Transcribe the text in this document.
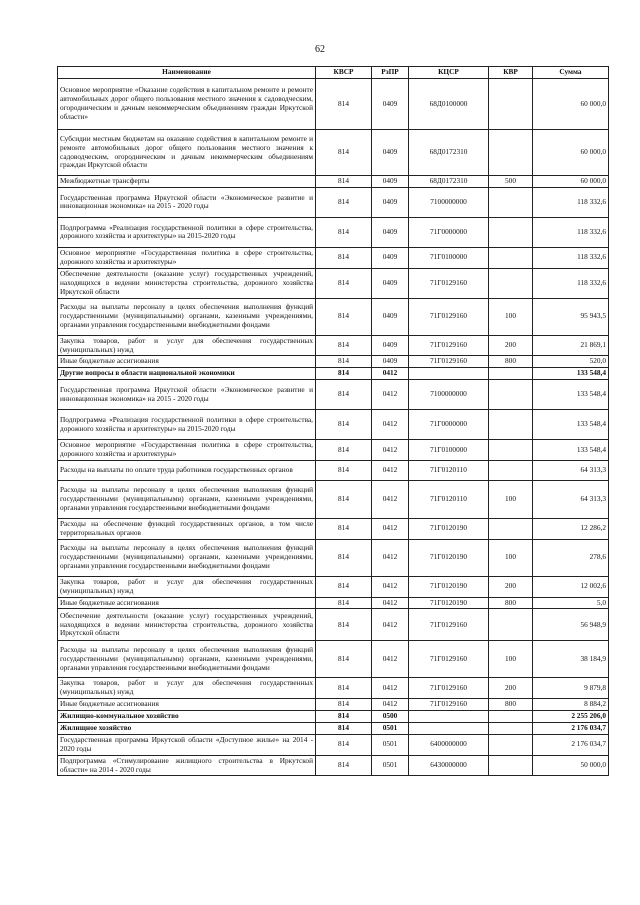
62
Наименование	КВСР	РзПР	КЦСР	КВР	Сумма
Основное мероприятие «Оказание содействия в капитальном ремонте и ремонте автомобильных дорог общего пользования местного значения к садоводческим, огородническим и дачным некоммерческим объединениям граждан Иркутской области»	814	0409	68Д0100000		60 000,0
Субсидии местным бюджетам на оказание содействия в капитальном ремонте и ремонте автомобильных дорог общего пользования местного значения к садоводческим, огородническим и дачным некоммерческим объединениям граждан Иркутской области	814	0409	68Д0172310		60 000,0
Межбюджетные трансферты	814	0409	68Д0172310	500	60 000,0
Государственная программа Иркутской области «Экономическое развитие и инновационная экономика» на 2015 - 2020 годы	814	0409	7100000000		118 332,6
Подпрограмма «Реализация государственной политики в сфере строительства, дорожного хозяйства и архитектуры» на 2015-2020 годы	814	0409	71Г0000000		118 332,6
Основное мероприятие «Государственная политика в сфере строительства, дорожного хозяйства и архитектуры»	814	0409	71Г0100000		118 332,6
Обеспечение деятельности (оказание услуг) государственных учреждений, находящихся в ведении министерства строительства, дорожного хозяйства Иркутской области	814	0409	71Г0129160		118 332,6
Расходы на выплаты персоналу в целях обеспечения выполнения функций государственными (муниципальными) органами, казенными учреждениями, органами управления государственными внебюджетными фондами	814	0409	71Г0129160	100	95 943,5
Закупка товаров, работ и услуг для обеспечения государственных (муниципальных) нужд	814	0409	71Г0129160	200	21 869,1
Иные бюджетные ассигнования	814	0409	71Г0129160	800	520,0
Другие вопросы в области национальной экономики	814	0412			133 548,4
Государственная программа Иркутской области «Экономическое развитие и инновационная экономика» на 2015 - 2020 годы	814	0412	7100000000		133 548,4
Подпрограмма «Реализация государственной политики в сфере строительства, дорожного хозяйства и архитектуры» на 2015-2020 годы	814	0412	71Г0000000		133 548,4
Основное мероприятие «Государственная политика в сфере строительства, дорожного хозяйства и архитектуры»	814	0412	71Г0100000		133 548,4
Расходы на выплаты по оплате труда работников государственных органов	814	0412	71Г0120110		64 313,3
Расходы на выплаты персоналу в целях обеспечения выполнения функций государственными (муниципальными) органами, казенными учреждениями, органами управления государственными внебюджетными фондами	814	0412	71Г0120110	100	64 313,3
Расходы на обеспечение функций государственных органов, в том числе территориальных органов	814	0412	71Г0120190		12 286,2
Расходы на выплаты персоналу в целях обеспечения выполнения функций государственными (муниципальными) органами, казенными учреждениями, органами управления государственными внебюджетными фондами	814	0412	71Г0120190	100	278,6
Закупка товаров, работ и услуг для обеспечения государственных (муниципальных) нужд	814	0412	71Г0120190	200	12 002,6
Иные бюджетные ассигнования	814	0412	71Г0120190	800	5,0
Обеспечение деятельности (оказание услуг) государственных учреждений, находящихся в ведении министерства строительства, дорожного хозяйства Иркутской области	814	0412	71Г0129160		56 948,9
Расходы на выплаты персоналу в целях обеспечения выполнения функций государственными (муниципальными) органами, казенными учреждениями, органами управления государственными внебюджетными фондами	814	0412	71Г0129160	100	38 184,9
Закупка товаров, работ и услуг для обеспечения государственных (муниципальных) нужд	814	0412	71Г0129160	200	9 879,8
Иные бюджетные ассигнования	814	0412	71Г0129160	800	8 884,2
Жилищно-коммунальное хозяйство	814	0500			2 255 206,0
Жилищное хозяйство	814	0501			2 176 034,7
Государственная программа Иркутской области «Доступное жилье» на 2014 - 2020 годы	814	0501	6400000000		2 176 034,7
Подпрограмма «Стимулирование жилищного строительства в Иркутской области» на 2014 - 2020 годы	814	0501	6430000000		50 000,0
